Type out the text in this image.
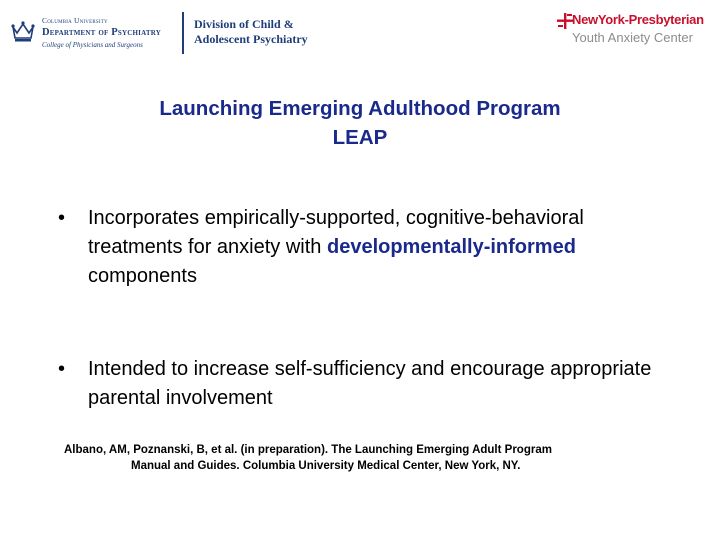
Columbia University
Department of Psychiatry
College of Physicians and Surgeons
Division of Child &
Adolescent Psychiatry
NewYork-Presbyterian
Youth Anxiety Center
Launching Emerging Adulthood Program
LEAP
• Incorporates empirically-supported, cognitive-behavioral treatments for anxiety with developmentally-informed components
• Intended to increase self-sufficiency and encourage appropriate parental involvement
Albano, AM, Poznanski, B, et al. (in preparation). The Launching Emerging Adult Program
Manual and Guides. Columbia University Medical Center, New York, NY.
